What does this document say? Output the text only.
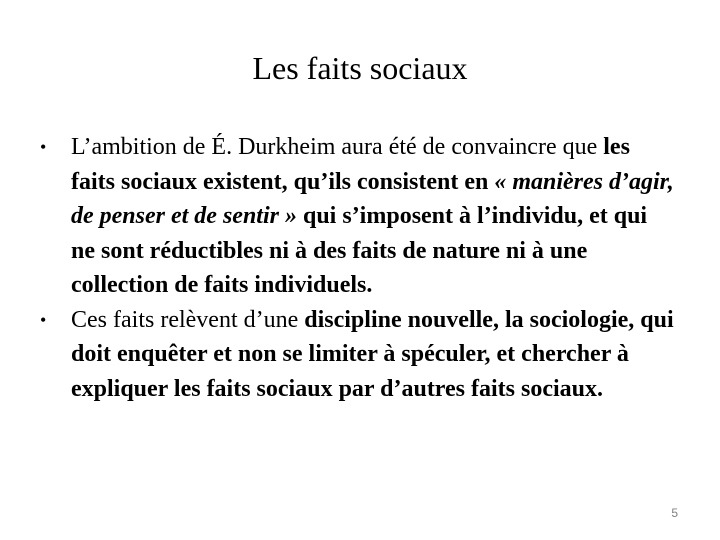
Les faits sociaux
• L’ambition de É. Durkheim aura été de convaincre que les faits sociaux existent, qu’ils consistent en « manières d’agir, de penser et de sentir » qui s’imposent à l’individu, et qui ne sont réductibles ni à des faits de nature ni à une collection de faits individuels.
• Ces faits relèvent d’une discipline nouvelle, la sociologie, qui doit enquêter et non se limiter à spéculer, et chercher à expliquer les faits sociaux par d’autres faits sociaux.
5
